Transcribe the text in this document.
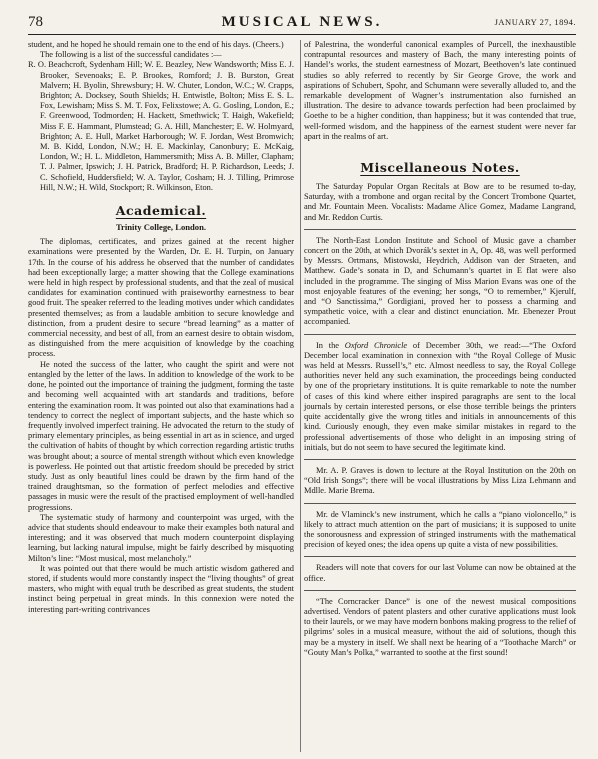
78	MUSICAL NEWS.	JANUARY 27, 1894.

student, and he hoped he should remain one to the end of his days. (Cheers.)

The following is a list of the successful candidates :—

R. O. Beachcroft, Sydenham Hill; W. E. Beazley, New Wandsworth; Miss E. J. Brooker, Sevenoaks; E. P. Brookes, Romford; J. B. Burston, Great Malvern; H. Byolin, Shrewsbury; H. W. Chuter, London, W.C.; W. Crapps, Brighton; A. Docksey, South Shields; H. Entwistle, Bolton; Miss E. S. L. Fox, Lewisham; Miss S. M. T. Fox, Felixstowe; A. G. Gosling, London, E.; F. Greenwood, Todmorden; H. Hackett, Smethwick; T. Haigh, Wakefield; Miss F. E. Hammant, Plumstead; G. A. Hill, Manchester; E. W. Holmyard, Brighton; A. E. Hull, Market Harborough; W. F. Jordan, West Bromwich; M. B. Kidd, London, N.W.; H. E. Mackinlay, Canonbury; E. McKaig, London, W.; H. L. Middleton, Hammersmith; Miss A. B. Miller, Clapham; T. J. Palmer, Ipswich; J. H. Patrick, Bradford; H. P. Richardson, Leeds; J. C. Schofield, Huddersfield; W. A. Taylor, Cosham; H. J. Tilling, Primrose Hill, N.W.; H. Wild, Stockport; R. Wilkinson, Eton.

Academical.
Trinity College, London.

The diplomas, certificates, and prizes gained at the recent higher examinations were presented by the Warden, Dr. E. H. Turpin, on January 17th. In the course of his address he observed that the number of candidates had been exceptionally large; a matter showing that the College examinations were held in high respect by professional students, and that the zeal of musical candidates for examination continued with praiseworthy earnestness to bear good fruit. The speaker referred to the leading motives under which candidates presented themselves; as from a laudable ambition to secure knowledge and distinction, from a prudent desire to secure “bread learning” as a matter of commercial necessity, and best of all, from an earnest desire to obtain wisdom, as distinguished from the mere acquisition of knowledge by the coaching process.

He noted the success of the latter, who caught the spirit and were not entangled by the letter of the laws. In addition to knowledge of the work to be done, he pointed out the importance of training the judgment, forming the taste and becoming well acquainted with art standards and traditions, before entering the examination room. It was pointed out also that examinations had a tendency to correct the neglect of important subjects, and the haste which so frequently involved imperfect training. He advocated the return to the study of primary elementary principles, as being essential in art as in science, and urged the cultivation of habits of thought by which correction regarding artistic truths was brought about; a source of mental strength without which even knowledge is powerless. He pointed out that artistic freedom should be preceded by strict study. Just as only beautiful lines could be drawn by the firm hand of the trained draughtsman, so the formation of perfect melodies and effective passages in music were the result of the practised employment of well-handled progressions.

The systematic study of harmony and counterpoint was urged, with the advice that students should endeavour to make their examples both natural and interesting; and it was observed that much modern counterpoint displaying learning, but lacking natural impulse, might be fairly described by misquoting Milton’s line: “Most musical, most melancholy.”

It was pointed out that there would be much artistic wisdom gathered and stored, if students would more constantly inspect the “living thoughts” of great masters, who might with equal truth be described as great students, the student instinct being perpetual in great minds. In this connexion were noted the interesting part-writing contrivances

of Palestrina, the wonderful canonical examples of Purcell, the inexhaustible contrapuntal resources and mastery of Bach, the many interesting points of Handel’s works, the student earnestness of Mozart, Beethoven’s late continued studies so ably referred to recently by Sir George Grove, the work and aspirations of Schubert, Spohr, and Schumann were severally alluded to, and the remarkable development of Wagner’s instrumentation also furnished an illustration. The desire to advance towards perfection had been proclaimed by Goethe to be a higher condition, than happiness; but it was contended that true, well-formed wisdom, and the happiness of the earnest student were never far apart in the realms of art.

Miscellaneous Notes.

The Saturday Popular Organ Recitals at Bow are to be resumed to-day, Saturday, with a trombone and organ recital by the Concert Trombone Quartet, and Mr. Fountain Meen. Vocalists: Madame Alice Gomez, Madame Langrand, and Mr. Reddon Curtis.

The North-East London Institute and School of Music gave a chamber concert on the 20th, at which Dvorák’s sextet in A, Op. 48, was well performed by Messrs. Ortmans, Mistowski, Heydrich, Addison van der Straeten, and Matthew. Gade’s sonata in D, and Schumann’s quartet in E flat were also included in the programme. The singing of Miss Marion Evans was one of the most enjoyable features of the evening; her songs, “O to remember,” Kjerulf, and “O Sanctissima,” Gordigiani, proved her to possess a charming and sympathetic voice, with a clear and distinct enunciation. Mr. Ebenezer Prout accompanied.

In the Oxford Chronicle of December 30th, we read:—“The Oxford December local examination in connexion with “the Royal College of Music was held at Messrs. Russell’s,” etc. Almost needless to say, the Royal College authorities never held any such examination, the proceedings being conducted by one of the proprietary institutions. It is quite remarkable to note the number of cases of this kind where either inspired paragraphs are sent to the local journals by certain interested persons, or else those terrible beings the printers quite accidentally give the wrong titles and initials in announcements of this kind. Curiously enough, they even make similar mistakes in regard to the professional advertisements of those who delight in an imposing string of initials, but do not seem to have secured the legitimate kind.

Mr. A. P. Graves is down to lecture at the Royal Institution on the 20th on “Old Irish Songs”; there will be vocal illustrations by Miss Liza Lehmann and Mdlle. Marie Brema.

Mr. de Vlaminck’s new instrument, which he calls a “piano violoncello,” is likely to attract much attention on the part of musicians; it is supposed to unite the sonorousness and expression of stringed instruments with the mathematical precision of keyed ones; the idea opens up quite a vista of new possibilities.

Readers will note that covers for our last Volume can now be obtained at the office.

“The Corncracker Dance” is one of the newest musical compositions advertised. Vendors of patent plasters and other curative applications must look to their laurels, or we may have modern bonbons making progress to the relief of pilgrims’ soles in a musical measure, without the aid of solutions, though this may be a mystery in itself. We shall next be hearing of a “Toothache March” or “Gouty Man’s Polka,” warranted to soothe at the first sound!
